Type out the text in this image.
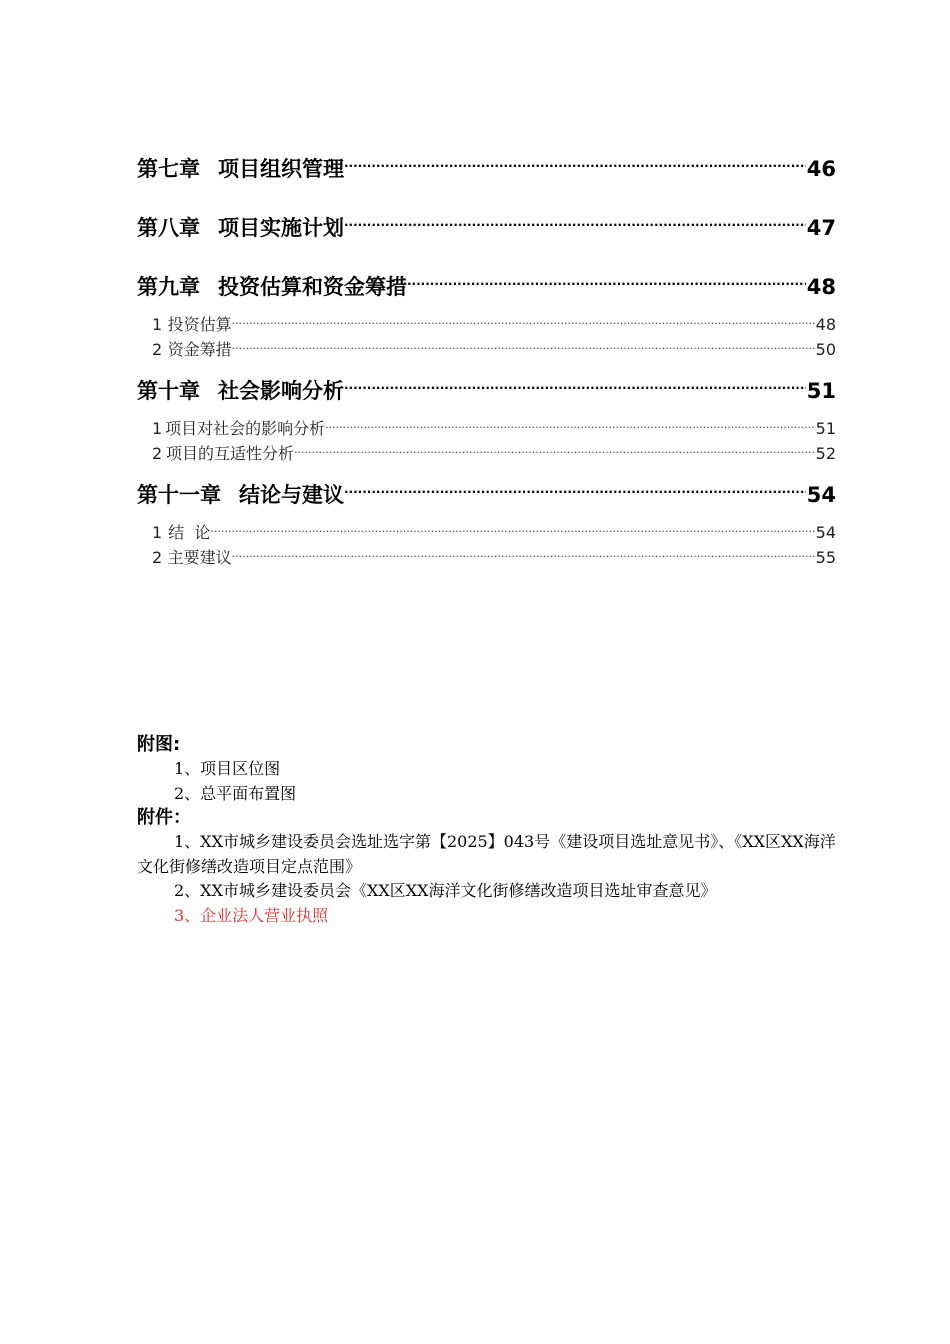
第七章 项目组织管理 .....	46
第八章 项目实施计划 .....	47
第九章 投资估算和资金筹措 .....	48
1 投资估算 .....	48
2 资金筹措 .....	50
第十章 社会影响分析 .....	51
1 项目对社会的影响分析 .....	51
2 项目的互适性分析 .....	52
第十一章 结论与建议 .....	54
1 结  论 .....	54
2 主要建议 .....	55
附图:
1、项目区位图
2、总平面布置图
附件：
1、XX市城乡建设委员会选址选字第【2025】043号《建设项目选址意见书》、《XX区XX海洋文化街修缮改造项目定点范围》
2、XX市城乡建设委员会《XX区XX海洋文化街修缮改造项目选址审查意见》
3、企业法人营业执照
